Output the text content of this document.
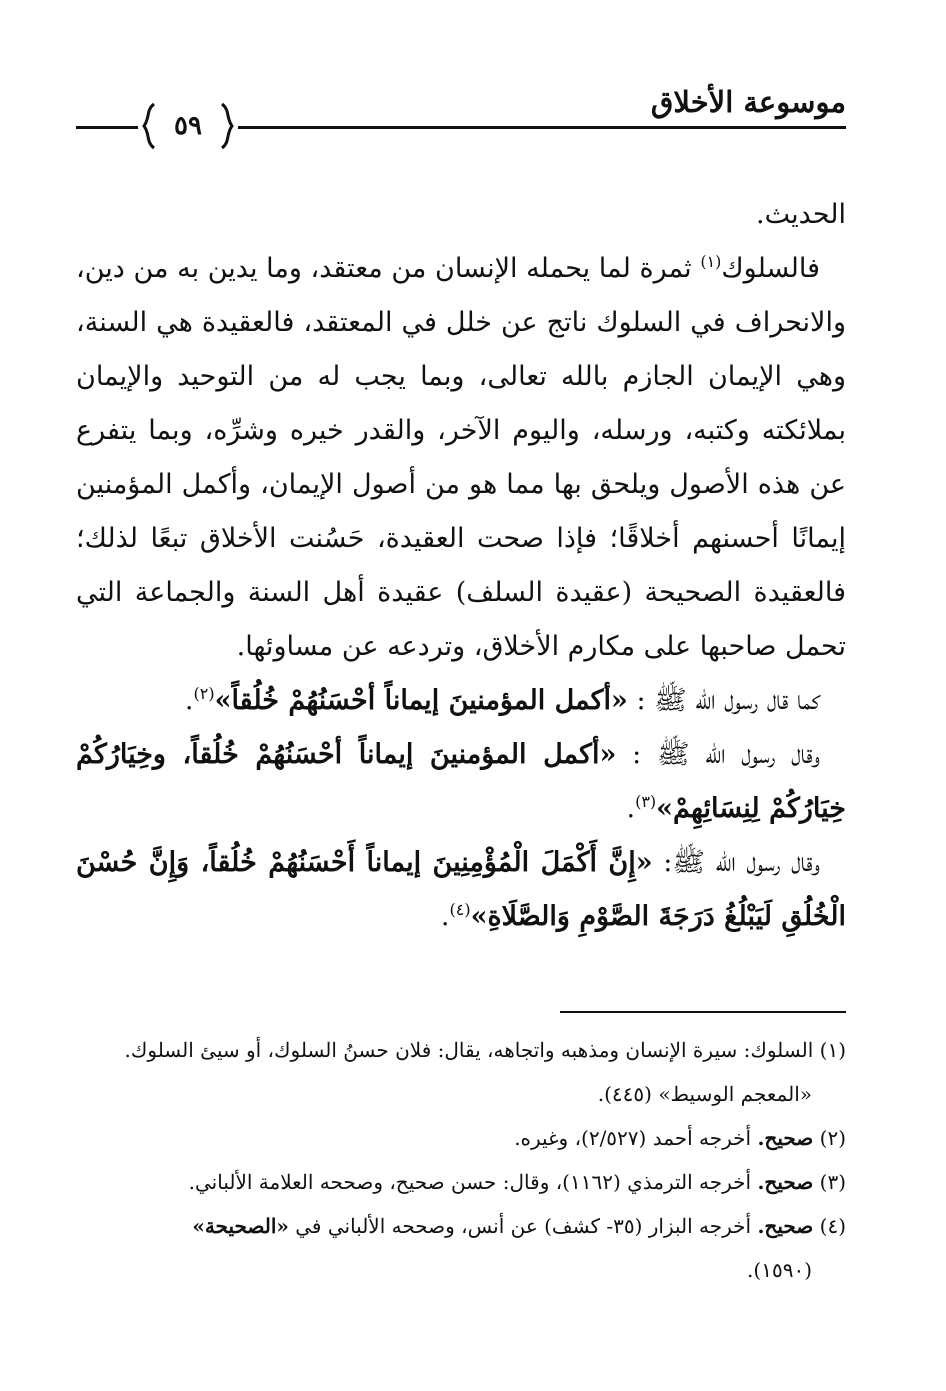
موسوعة الأخلاق
٥٩

الحديث.

فالسلوك$^{(١)}$ ثمرة لما يحمله الإنسان من معتقد، وما يدين به من دين، والانحراف في السلوك ناتج عن خلل في المعتقد، فالعقيدة هي السنة، وهي الإيمان الجازم بالله تعالى، وبما يجب له من التوحيد والإيمان بملائكته وكتبه، ورسله، واليوم الآخر، والقدر خيره وشرِّه، وبما يتفرع عن هذه الأصول ويلحق بها مما هو من أصول الإيمان، وأكمل المؤمنين إيمانًا أحسنهم أخلاقًا؛ فإذا صحت العقيدة، حَسُنت الأخلاق تبعًا لذلك؛ فالعقيدة الصحيحة (عقيدة السلف) عقيدة أهل السنة والجماعة التي تحمل صاحبها على مكارم الأخلاق، وتردعه عن مساوئها.

كما قال رسول الله ﷺ : «أكمل المؤمنينَ إيماناً أحْسَنُهُمْ خُلُقاً»$^{(٢)}$.

وقال رسول الله ﷺ : «أكمل المؤمنينَ إيماناً أحْسَنُهُمْ خُلُقاً، وخِيَارُكُمْ خِيَارُكُمْ لِنِسَائِهِمْ»$^{(٣)}$.

وقال رسول الله ﷺ: «إِنَّ أَكْمَلَ الْمُؤْمِنِينَ إيماناً أَحْسَنُهُمْ خُلُقاً، وَإِنَّ حُسْنَ الْخُلُقِ لَيَبْلُغُ دَرَجَةَ الصَّوْمِ وَالصَّلَاةِ»$^{(٤)}$.

(١) السلوك: سيرة الإنسان ومذهبه واتجاهه، يقال: فلان حسنُ السلوك، أو سيئ السلوك.

«المعجم الوسيط» (٤٤٥).

(٢) صحيح. أخرجه أحمد (٢/٥٢٧)، وغيره.

(٣) صحيح. أخرجه الترمذي (١١٦٢)، وقال: حسن صحيح، وصححه العلامة الألباني.

(٤) صحيح. أخرجه البزار (٣٥- كشف) عن أنس، وصححه الألباني في «الصحيحة»

(١٥٩٠).
